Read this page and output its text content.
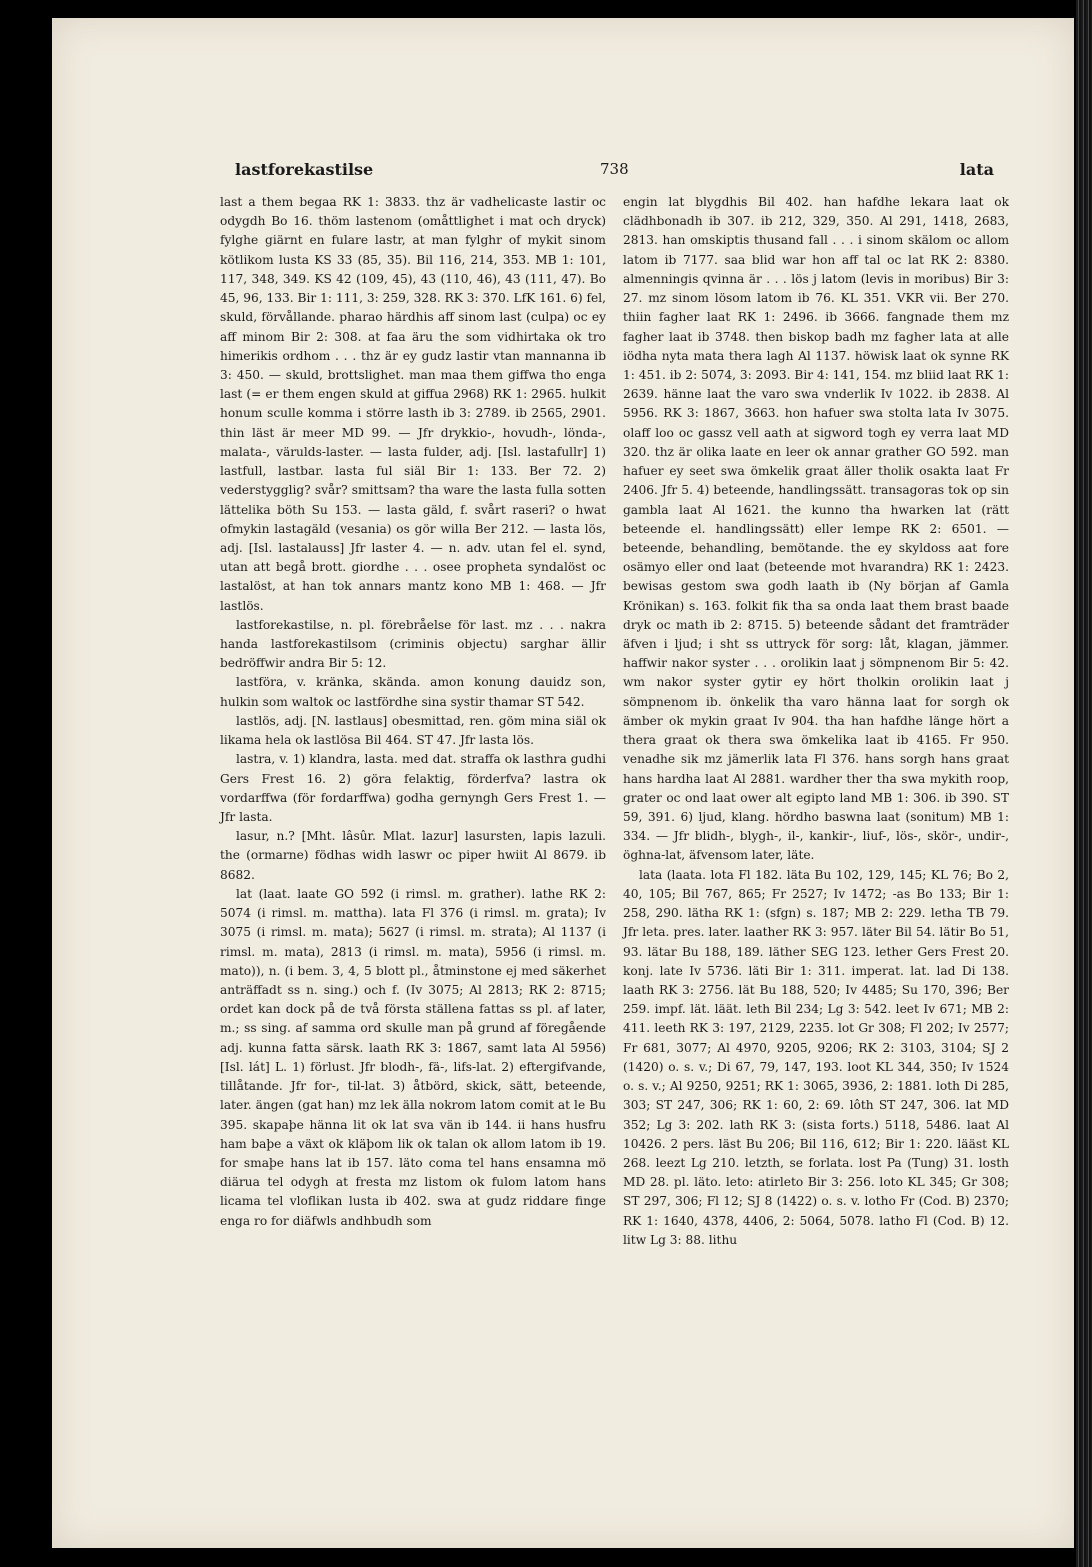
lastforekastilse	738	lata

last a them begaa RK 1: 3833. thz är vadhelicaste lastir oc odygdh Bo 16. thöm lastenom (omåttlighet i mat och dryck) fylghe giärnt en fulare lastr, at man fylghr of mykit sinom kötlikom lusta KS 33 (85, 35). Bil 116, 214, 353. MB 1: 101, 117, 348, 349. KS 42 (109, 45), 43 (110, 46), 43 (111, 47). Bo 45, 96, 133. Bir 1: 111, 3: 259, 328. RK 3: 370. LfK 161. 6) fel, skuld, förvållande. pharao härdhis aff sinom last (culpa) oc ey aff minom Bir 2: 308. at faa äru the som vidhirtaka ok tro himerikis ordhom . . . thz är ey gudz lastir vtan mannanna ib 3: 450. — skuld, brottslighet. man maa them giffwa tho enga last (= er them engen skuld at giffua 2968) RK 1: 2965. hulkit honum sculle komma i större lasth ib 3: 2789. ib 2565, 2901. thin läst är meer MD 99. — Jfr drykkio-, hovudh-, lönda-, malata-, värulds-laster. — lasta fulder, adj. [Isl. lastafullr] 1) lastfull, lastbar. lasta ful siäl Bir 1: 133. Ber 72. 2) vederstygglig? svår? smittsam? tha ware the lasta fulla sotten lättelika böth Su 153. — lasta gäld, f. svårt raseri? o hwat ofmykin lastagäld (vesania) os gör willa Ber 212. — lasta lös, adj. [Isl. lastalauss] Jfr laster 4. — n. adv. utan fel el. synd, utan att begå brott. giordhe . . . osee propheta syndalöst oc lastalöst, at han tok annars mantz kono MB 1: 468. — Jfr lastlös.

lastforekastilse, n. pl. förebråelse för last. mz . . . nakra handa lastforekastilsom (criminis objectu) sarghar ällir bedröffwir andra Bir 5: 12.

lastföra, v. kränka, skända. amon konung dauidz son, hulkin som waltok oc lastfördhe sina systir thamar ST 542.

lastlös, adj. [N. lastlaus] obesmittad, ren. göm mina siäl ok likama hela ok lastlösa Bil 464. ST 47. Jfr lasta lös.

lastra, v. 1) klandra, lasta. med dat. straffa ok lasthra gudhi Gers Frest 16. 2) göra felaktig, förderfva? lastra ok vordarffwa (för fordarffwa) godha gernyngh Gers Frest 1. — Jfr lasta.

lasur, n.? [Mht. lâsûr. Mlat. lazur] lasursten, lapis lazuli. the (ormarne) födhas widh laswr oc piper hwiit Al 8679. ib 8682.

lat (laat. laate GO 592 (i rimsl. m. grather). lathe RK 2: 5074 (i rimsl. m. mattha). lata Fl 376 (i rimsl. m. grata); Iv 3075 (i rimsl. m. mata); 5627 (i rimsl. m. strata); Al 1137 (i rimsl. m. mata), 2813 (i rimsl. m. mata), 5956 (i rimsl. m. mato)), n. (i bem. 3, 4, 5 blott pl., åtminstone ej med säkerhet anträffadt ss n. sing.) och f. (Iv 3075; Al 2813; RK 2: 8715; ordet kan dock på de två första ställena fattas ss pl. af later, m.; ss sing. af samma ord skulle man på grund af föregående adj. kunna fatta särsk. laath RK 3: 1867, samt lata Al 5956) [Isl. lát] L. 1) förlust. Jfr blodh-, fä-, lifs-lat. 2) eftergifvande, tillåtande. Jfr for-, til-lat. 3) åtbörd, skick, sätt, beteende, later. ängen (gat han) mz lek älla nokrom latom comit at le Bu 395. skapaþe hänna lit ok lat sva vän ib 144. ii hans husfru ham baþe a växt ok kläþom lik ok talan ok allom latom ib 19. for smaþe hans lat ib 157. läto coma tel hans ensamna mö diärua tel odygh at fresta mz listom ok fulom latom hans licama tel vloflikan lusta ib 402. swa at gudz riddare finge enga ro for diäfwls andhbudh som

engin lat blygdhis Bil 402. han hafdhe lekara laat ok clädhbonadh ib 307. ib 212, 329, 350. Al 291, 1418, 2683, 2813. han omskiptis thusand fall . . . i sinom skälom oc allom latom ib 7177. saa blid war hon aff tal oc lat RK 2: 8380. almenningis qvinna är . . . lös j latom (levis in moribus) Bir 3: 27. mz sinom lösom latom ib 76. KL 351. VKR vii. Ber 270. thiin fagher laat RK 1: 2496. ib 3666. fangnade them mz fagher laat ib 3748. then biskop badh mz fagher lata at alle iödha nyta mata thera lagh Al 1137. höwisk laat ok synne RK 1: 451. ib 2: 5074, 3: 2093. Bir 4: 141, 154. mz bliid laat RK 1: 2639. hänne laat the varo swa vnderlik Iv 1022. ib 2838. Al 5956. RK 3: 1867, 3663. hon hafuer swa stolta lata Iv 3075. olaff loo oc gassz vell aath at sigword togh ey verra laat MD 320. thz är olika laate en leer ok annar grather GO 592. man hafuer ey seet swa ömkelik graat äller tholik osakta laat Fr 2406. Jfr 5. 4) beteende, handlingssätt. transagoras tok op sin gambla laat Al 1621. the kunno tha hwarken lat (rätt beteende el. handlingssätt) eller lempe RK 2: 6501. — beteende, behandling, bemötande. the ey skyldoss aat fore osämyo eller ond laat (beteende mot hvarandra) RK 1: 2423. bewisas gestom swa godh laath ib (Ny början af Gamla Krönikan) s. 163. folkit fik tha sa onda laat them brast baade dryk oc math ib 2: 8715. 5) beteende sådant det framträder äfven i ljud; i sht ss uttryck för sorg: låt, klagan, jämmer. haffwir nakor syster . . . orolikin laat j sömpnenom Bir 5: 42. wm nakor syster gytir ey hört tholkin orolikin laat j sömpnenom ib. önkelik tha varo hänna laat for sorgh ok ämber ok mykin graat Iv 904. tha han hafdhe länge hört a thera graat ok thera swa ömkelika laat ib 4165. Fr 950. venadhe sik mz jämerlik lata Fl 376. hans sorgh hans graat hans hardha laat Al 2881. wardher ther tha swa mykith roop, grater oc ond laat ower alt egipto land MB 1: 306. ib 390. ST 59, 391. 6) ljud, klang. hördho baswna laat (sonitum) MB 1: 334. — Jfr blidh-, blygh-, il-, kankir-, liuf-, lös-, skör-, undir-, öghna-lat, äfvensom later, läte.

lata (laata. lota Fl 182. läta Bu 102, 129, 145; KL 76; Bo 2, 40, 105; Bil 767, 865; Fr 2527; Iv 1472; -as Bo 133; Bir 1: 258, 290. lätha RK 1: (sfgn) s. 187; MB 2: 229. letha TB 79. Jfr leta. pres. later. laather RK 3: 957. läter Bil 54. lätir Bo 51, 93. lätar Bu 188, 189. läther SEG 123. lether Gers Frest 20. konj. late Iv 5736. läti Bir 1: 311. imperat. lat. lad Di 138. laath RK 3: 2756. lät Bu 188, 520; Iv 4485; Su 170, 396; Ber 259. impf. lät. läät. leth Bil 234; Lg 3: 542. leet Iv 671; MB 2: 411. leeth RK 3: 197, 2129, 2235. lot Gr 308; Fl 202; Iv 2577; Fr 681, 3077; Al 4970, 9205, 9206; RK 2: 3103, 3104; SJ 2 (1420) o. s. v.; Di 67, 79, 147, 193. loot KL 344, 350; Iv 1524 o. s. v.; Al 9250, 9251; RK 1: 3065, 3936, 2: 1881. loth Di 285, 303; ST 247, 306; RK 1: 60, 2: 69. lôth ST 247, 306. lat MD 352; Lg 3: 202. lath RK 3: (sista forts.) 5118, 5486. laat Al 10426. 2 pers. läst Bu 206; Bil 116, 612; Bir 1: 220. lääst KL 268. leezt Lg 210. letzth, se forlata. lost Pa (Tung) 31. losth MD 28. pl. läto. leto: atirleto Bir 3: 256. loto KL 345; Gr 308; ST 297, 306; Fl 12; SJ 8 (1422) o. s. v. lotho Fr (Cod. B) 2370; RK 1: 1640, 4378, 4406, 2: 5064, 5078. latho Fl (Cod. B) 12. litw Lg 3: 88. lithu
